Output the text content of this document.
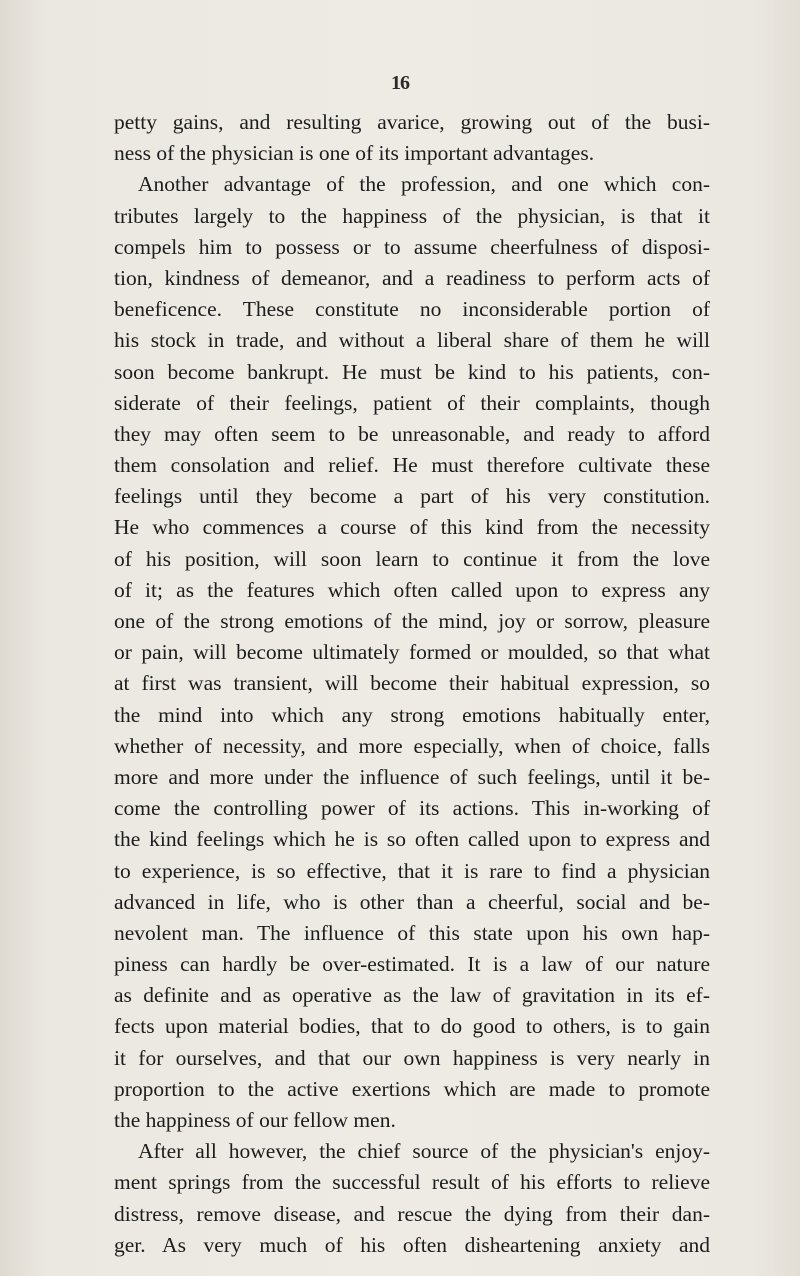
16
petty gains, and resulting avarice, growing out of the busi-
ness of the physician is one of its important advantages.
Another advantage of the profession, and one which con-
tributes largely to the happiness of the physician, is that it
compels him to possess or to assume cheerfulness of disposi-
tion, kindness of demeanor, and a readiness to perform acts of
beneficence. These constitute no inconsiderable portion of
his stock in trade, and without a liberal share of them he will
soon become bankrupt. He must be kind to his patients, con-
siderate of their feelings, patient of their complaints, though
they may often seem to be unreasonable, and ready to afford
them consolation and relief. He must therefore cultivate these
feelings until they become a part of his very constitution.
He who commences a course of this kind from the necessity
of his position, will soon learn to continue it from the love
of it; as the features which often called upon to express any
one of the strong emotions of the mind, joy or sorrow, pleasure
or pain, will become ultimately formed or moulded, so that what
at first was transient, will become their habitual expression, so
the mind into which any strong emotions habitually enter,
whether of necessity, and more especially, when of choice, falls
more and more under the influence of such feelings, until it be-
come the controlling power of its actions. This in-working of
the kind feelings which he is so often called upon to express and
to experience, is so effective, that it is rare to find a physician
advanced in life, who is other than a cheerful, social and be-
nevolent man. The influence of this state upon his own hap-
piness can hardly be over-estimated. It is a law of our nature
as definite and as operative as the law of gravitation in its ef-
fects upon material bodies, that to do good to others, is to gain
it for ourselves, and that our own happiness is very nearly in
proportion to the active exertions which are made to promote
the happiness of our fellow men.
After all however, the chief source of the physician's enjoy-
ment springs from the successful result of his efforts to relieve
distress, remove disease, and rescue the dying from their dan-
ger. As very much of his often disheartening anxiety and
